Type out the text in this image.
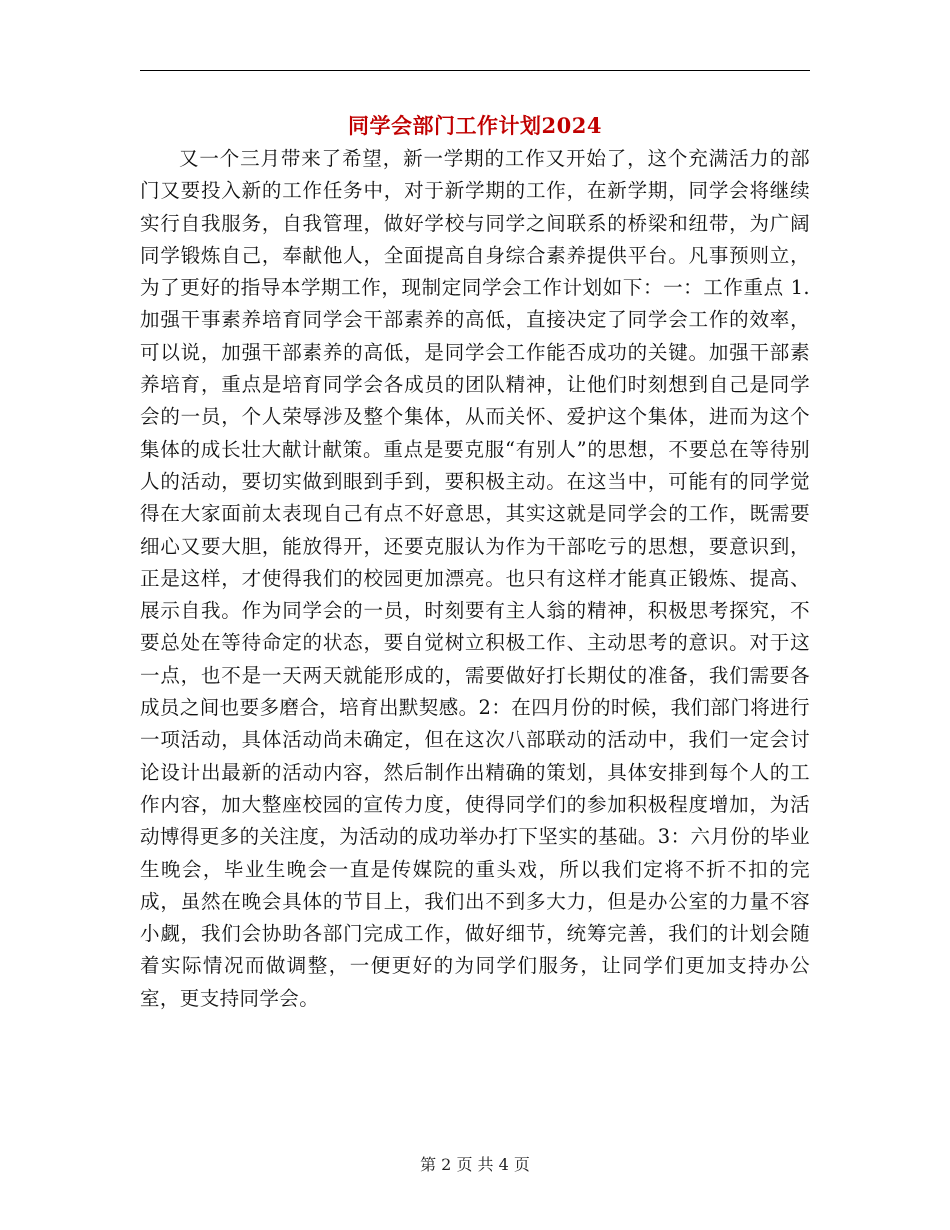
同学会部门工作计划2024

又一个三月带来了希望，新一学期的工作又开始了，这个充满活力的部门又要投入新的工作任务中，对于新学期的工作，在新学期，同学会将继续实行自我服务，自我管理，做好学校与同学之间联系的桥梁和纽带，为广阔同学锻炼自己，奉献他人，全面提高自身综合素养提供平台。凡事预则立，为了更好的指导本学期工作，现制定同学会工作计划如下：一：工作重点 1. 加强干事素养培育同学会干部素养的高低，直接决定了同学会工作的效率，可以说，加强干部素养的高低，是同学会工作能否成功的关键。加强干部素养培育，重点是培育同学会各成员的团队精神，让他们时刻想到自己是同学会的一员，个人荣辱涉及整个集体，从而关怀、爱护这个集体，进而为这个集体的成长壮大献计献策。重点是要克服“有别人”的思想，不要总在等待别人的活动，要切实做到眼到手到，要积极主动。在这当中，可能有的同学觉得在大家面前太表现自己有点不好意思，其实这就是同学会的工作，既需要细心又要大胆，能放得开，还要克服认为作为干部吃亏的思想，要意识到，正是这样，才使得我们的校园更加漂亮。也只有这样才能真正锻炼、提高、展示自我。作为同学会的一员，时刻要有主人翁的精神，积极思考探究，不要总处在等待命定的状态，要自觉树立积极工作、主动思考的意识。对于这一点，也不是一天两天就能形成的，需要做好打长期仗的准备，我们需要各成员之间也要多磨合，培育出默契感。2：在四月份的时候，我们部门将进行一项活动，具体活动尚未确定，但在这次八部联动的活动中，我们一定会讨论设计出最新的活动内容，然后制作出精确的策划，具体安排到每个人的工作内容，加大整座校园的宣传力度，使得同学们的参加积极程度增加，为活动博得更多的关注度，为活动的成功举办打下坚实的基础。3：六月份的毕业生晚会，毕业生晚会一直是传媒院的重头戏，所以我们定将不折不扣的完成，虽然在晚会具体的节目上，我们出不到多大力，但是办公室的力量不容小觑，我们会协助各部门完成工作，做好细节，统筹完善，我们的计划会随着实际情况而做调整，一便更好的为同学们服务，让同学们更加支持办公室，更支持同学会。

第 2 页 共 4 页
